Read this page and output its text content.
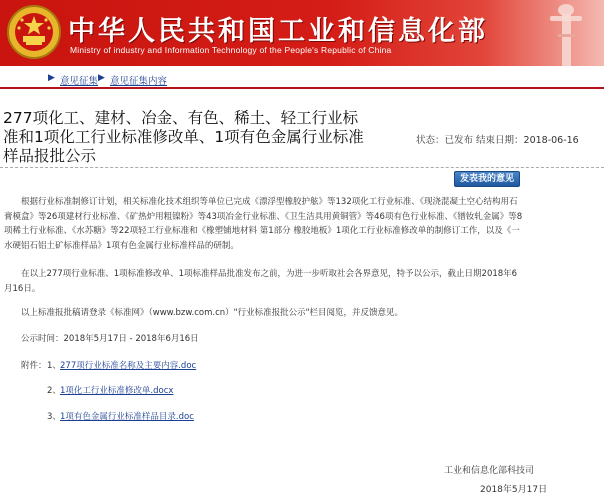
中华人民共和国工业和信息化部
Ministry of industry and Information Technology of the People's Republic of China
▶ 意见征集 ▶ 意见征集内容
277项化工、建材、冶金、有色、稀土、轻工行业标准和1项化工行业标准修改单、1项有色金属行业标准样品报批公示
状态：已发布 结束日期：2018-06-16
发表我的意见

根据行业标准制修订计划，相关标准化技术组织等单位已完成《漂浮型橡胶护舷》等132项化工行业标准、《现浇混凝土空心结构用石膏模盒》等26项建材行业标准、《矿热炉用粗镍粉》等43项冶金行业标准、《卫生洁具用黄铜管》等46项有色行业标准、《镨钕轧金属》等8项稀土行业标准、《水苏糖》等22项轻工行业标准和《橡塑铺地材料 第1部分 橡胶地板》1项化工行业标准修改单的制修订工作，以及《一水硬铝石铝土矿标准样品》1项有色金属行业标准样品的研制。

在以上277项行业标准、1项标准修改单、1项标准样品批准发布之前，为进一步听取社会各界意见，特予以公示，截止日期2018年6月16日。

以上标准报批稿请登录《标准网》（www.bzw.com.cn）"行业标准报批公示"栏目阅览，并反馈意见。

公示时间：2018年5月17日 - 2018年6月16日

附件： 1、 277项行业标准名称及主要内容.doc
2、 1项化工行业标准修改单.docx
3、 1项有色金属行业标准样品目录.doc
工业和信息化部科技司
2018年5月17日
